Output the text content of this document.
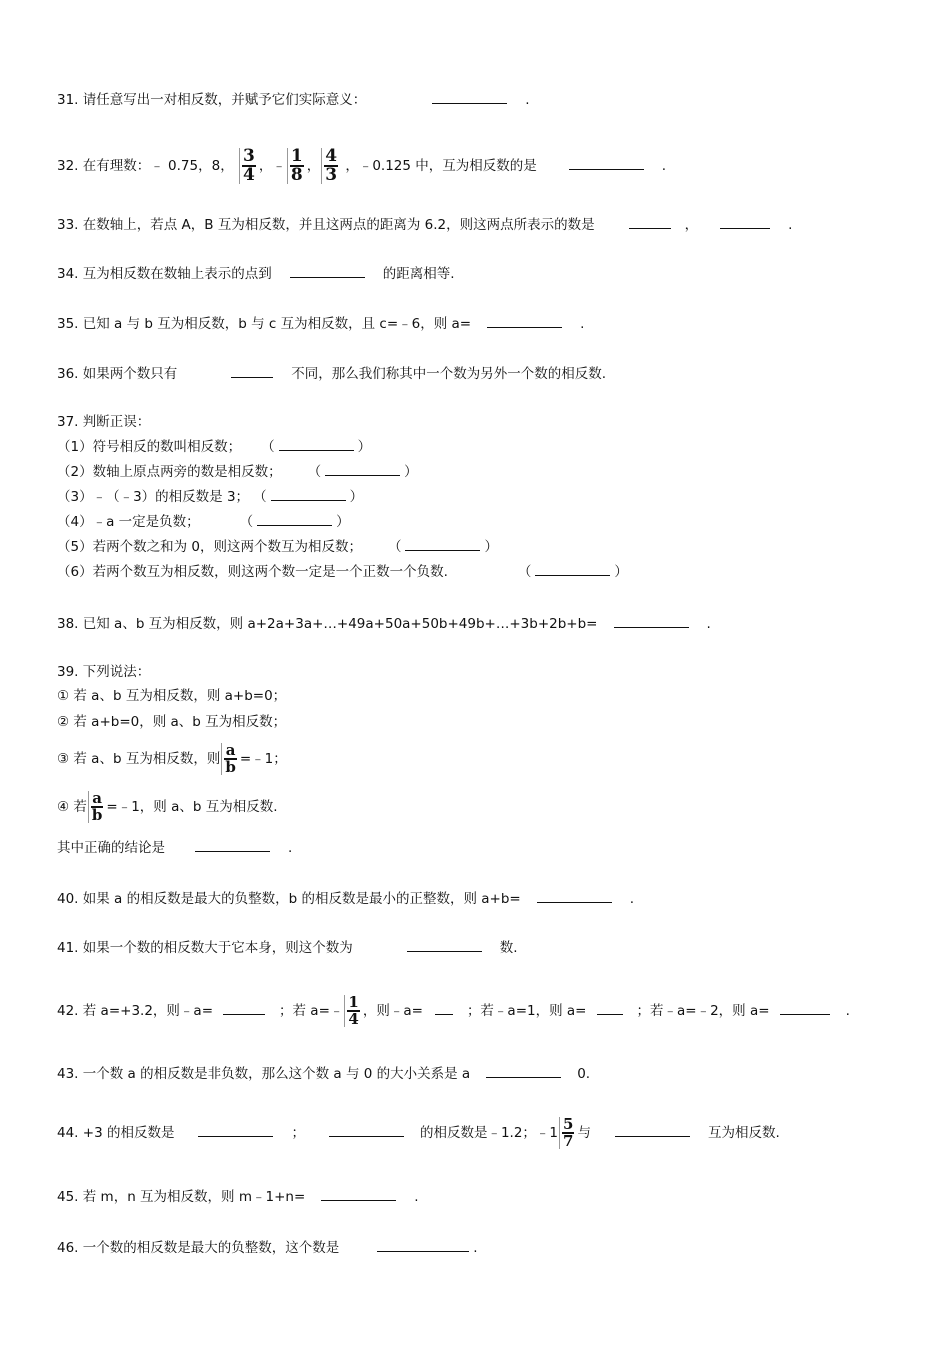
31. 请任意写出一对相反数，并赋予它们实际意义：	.
32. 在有理数：﹣ 0.75，8， $\frac{3}{4}$ ，﹣ $\frac{1}{8}$ ， $\frac{4}{3}$ ，﹣0.125 中，互为相反数的是	.
33. 在数轴上，若点 A，B 互为相反数，并且这两点的距离为 6.2，则这两点所表示的数是	，	.
34. 互为相反数在数轴上表示的点到	的距离相等.
35. 已知 a 与 b 互为相反数，b 与 c 互为相反数，且 c=﹣6，则 a=	.
36. 如果两个数只有	不同，那么我们称其中一个数为另外一个数的相反数.
37. 判断正误：
（1）符号相反的数叫相反数； （	）
（2）数轴上原点两旁的数是相反数； （	）
（3）﹣（﹣3）的相反数是 3； （	）
（4）﹣a 一定是负数；	（	）
（5）若两个数之和为 0，则这两个数互为相反数； （	）
（6）若两个数互为相反数，则这两个数一定是一个正数一个负数.	（	）
38. 已知 a、b 互为相反数，则 a+2a+3a+…+49a+50a+50b+49b+…+3b+2b+b=	.
39. 下列说法：
① 若 a、b 互为相反数，则 a+b=0；
② 若 a+b=0，则 a、b 互为相反数；
③ 若 a、b 互为相反数，则 $\frac{a}{b}$ =﹣1；
④ 若 $\frac{a}{b}$ =﹣1，则 a、b 互为相反数.
其中正确的结论是	.
40. 如果 a 的相反数是最大的负整数，b 的相反数是最小的正整数，则 a+b=	.
41. 如果一个数的相反数大于它本身，则这个数为	数.
42. 若 a=+3.2，则﹣a=	；若 a=﹣ $\frac{1}{4}$ ，则﹣a=	；若﹣a=1，则 a=	；若﹣a=﹣2，则 a=	.
43. 一个数 a 的相反数是非负数，那么这个数 a 与 0 的大小关系是 a	0.
44. +3 的相反数是	；	的相反数是﹣1.2；﹣1 $\frac{5}{7}$ 与	互为相反数.
45. 若 m，n 互为相反数，则 m﹣1+n=	.
46. 一个数的相反数是最大的负整数，这个数是	.
